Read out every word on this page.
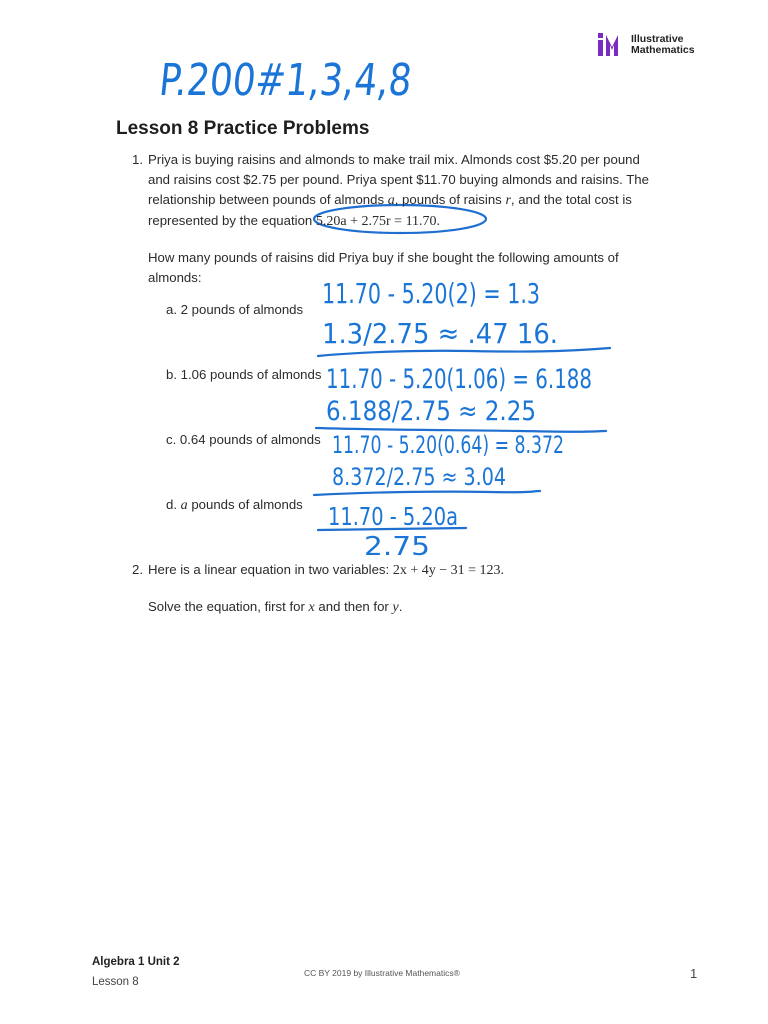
P.200#1,3,4,8
11.70 - 5.20(2) = 1.3
1.3/2.75 ≈ .47 16.
11.70 - 5.20(1.06) = 6.188
6.188/2.75 ≈ 2.25
11.70 - 5.20(0.64) = 8.372
8.372/2.75 ≈ 3.04
11.70 - 5.20a
2.75
Illustrative
Mathematics
Lesson 8 Practice Problems
1. Priya is buying raisins and almonds to make trail mix. Almonds cost $5.20 per pound
and raisins cost $2.75 per pound. Priya spent $11.70 buying almonds and raisins. The
relationship between pounds of almonds a, pounds of raisins r, and the total cost is
represented by the equation 5.20a + 2.75r = 11.70.
How many pounds of raisins did Priya buy if she bought the following amounts of
almonds:
a. 2 pounds of almonds
b. 1.06 pounds of almonds
c. 0.64 pounds of almonds
d. a pounds of almonds
2. Here is a linear equation in two variables: 2x + 4y − 31 = 123.
Solve the equation, first for x and then for y.
Algebra 1 Unit 2
Lesson 8
CC BY 2019 by Illustrative Mathematics®	1
